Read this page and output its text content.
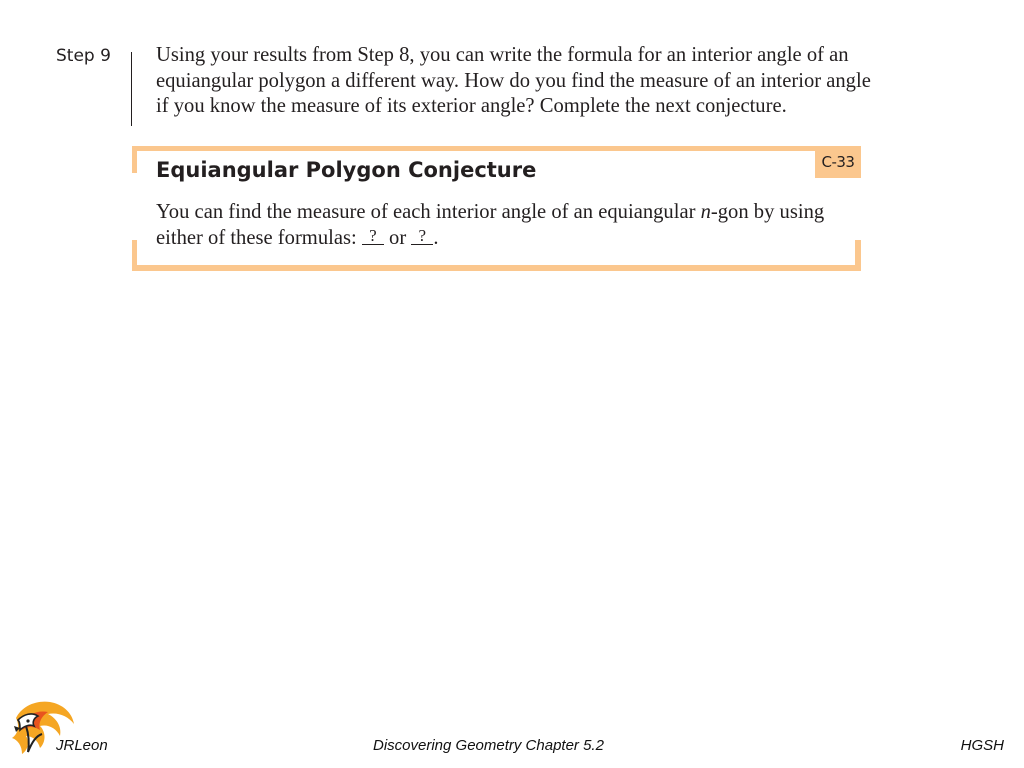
Step 9 Using your results from Step 8, you can write the formula for an interior angle of an equiangular polygon a different way. How do you find the measure of an interior angle if you know the measure of its exterior angle? Complete the next conjecture.
C-33
Equiangular Polygon Conjecture
You can find the measure of each interior angle of an equiangular n-gon by using either of these formulas: ? or ? .
JRLeon	Discovering Geometry Chapter 5.2	HGSH
